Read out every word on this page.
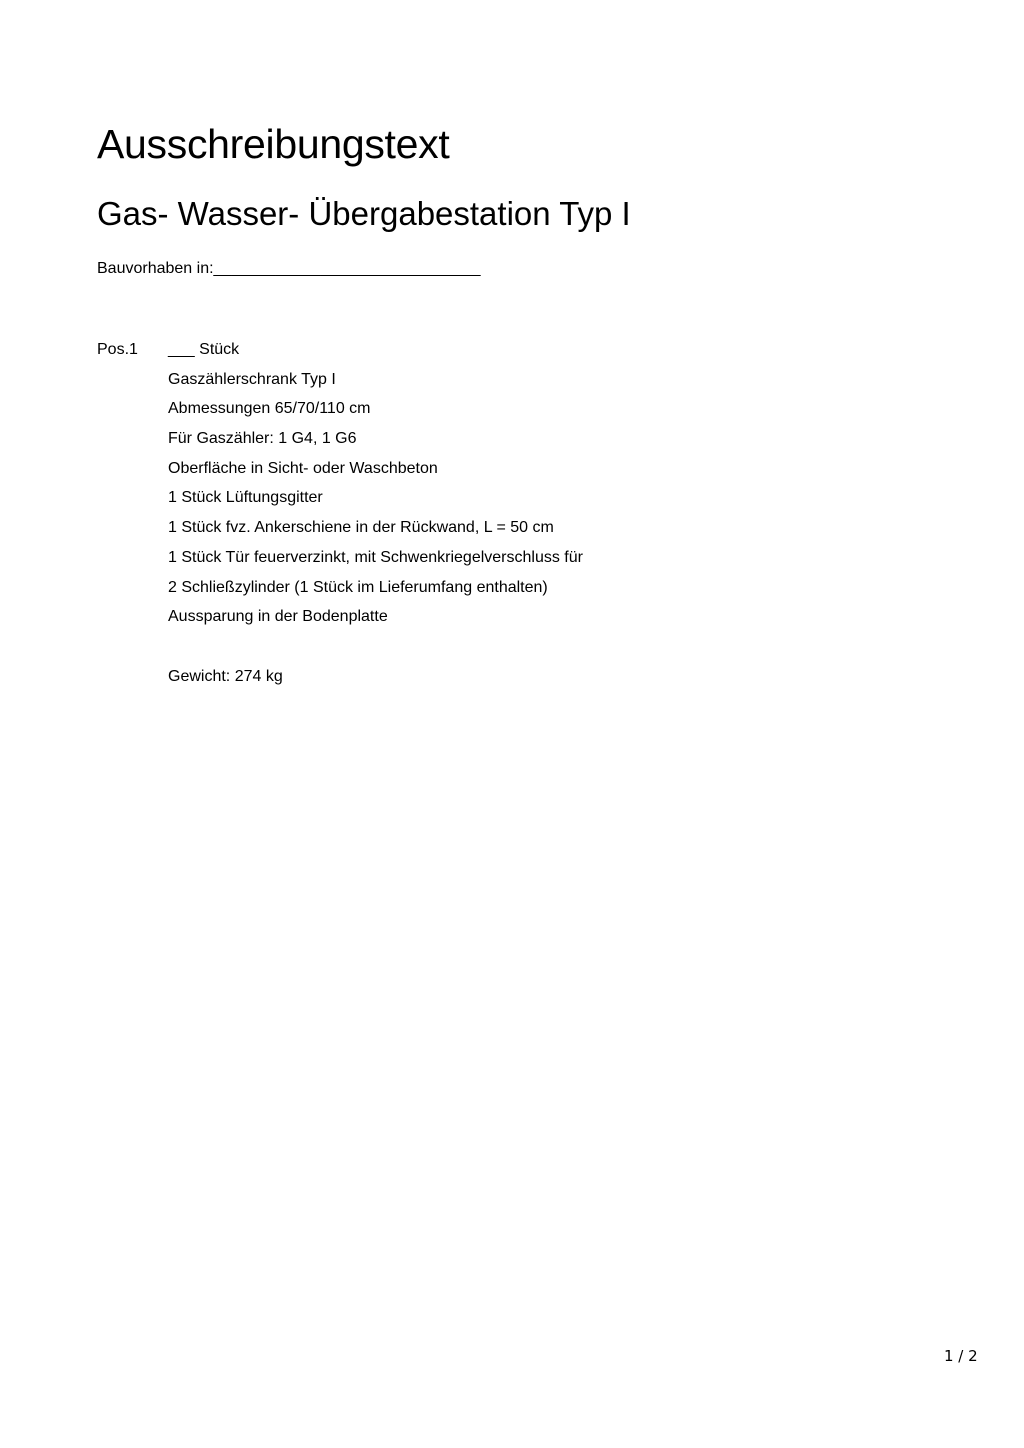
Ausschreibungstext
Gas- Wasser- Übergabestation Typ I
Bauvorhaben in:______________________________
Pos.1 ___ Stück
Gaszählerschrank Typ I
Abmessungen 65/70/110 cm
Für Gaszähler: 1 G4, 1 G6
Oberfläche in Sicht- oder Waschbeton
1 Stück Lüftungsgitter
1 Stück fvz. Ankerschiene in der Rückwand, L = 50 cm
1 Stück Tür feuerverzinkt, mit Schwenkriegelverschluss für
2 Schließzylinder (1 Stück im Lieferumfang enthalten)
Aussparung in der Bodenplatte
Gewicht: 274 kg
1 / 2
